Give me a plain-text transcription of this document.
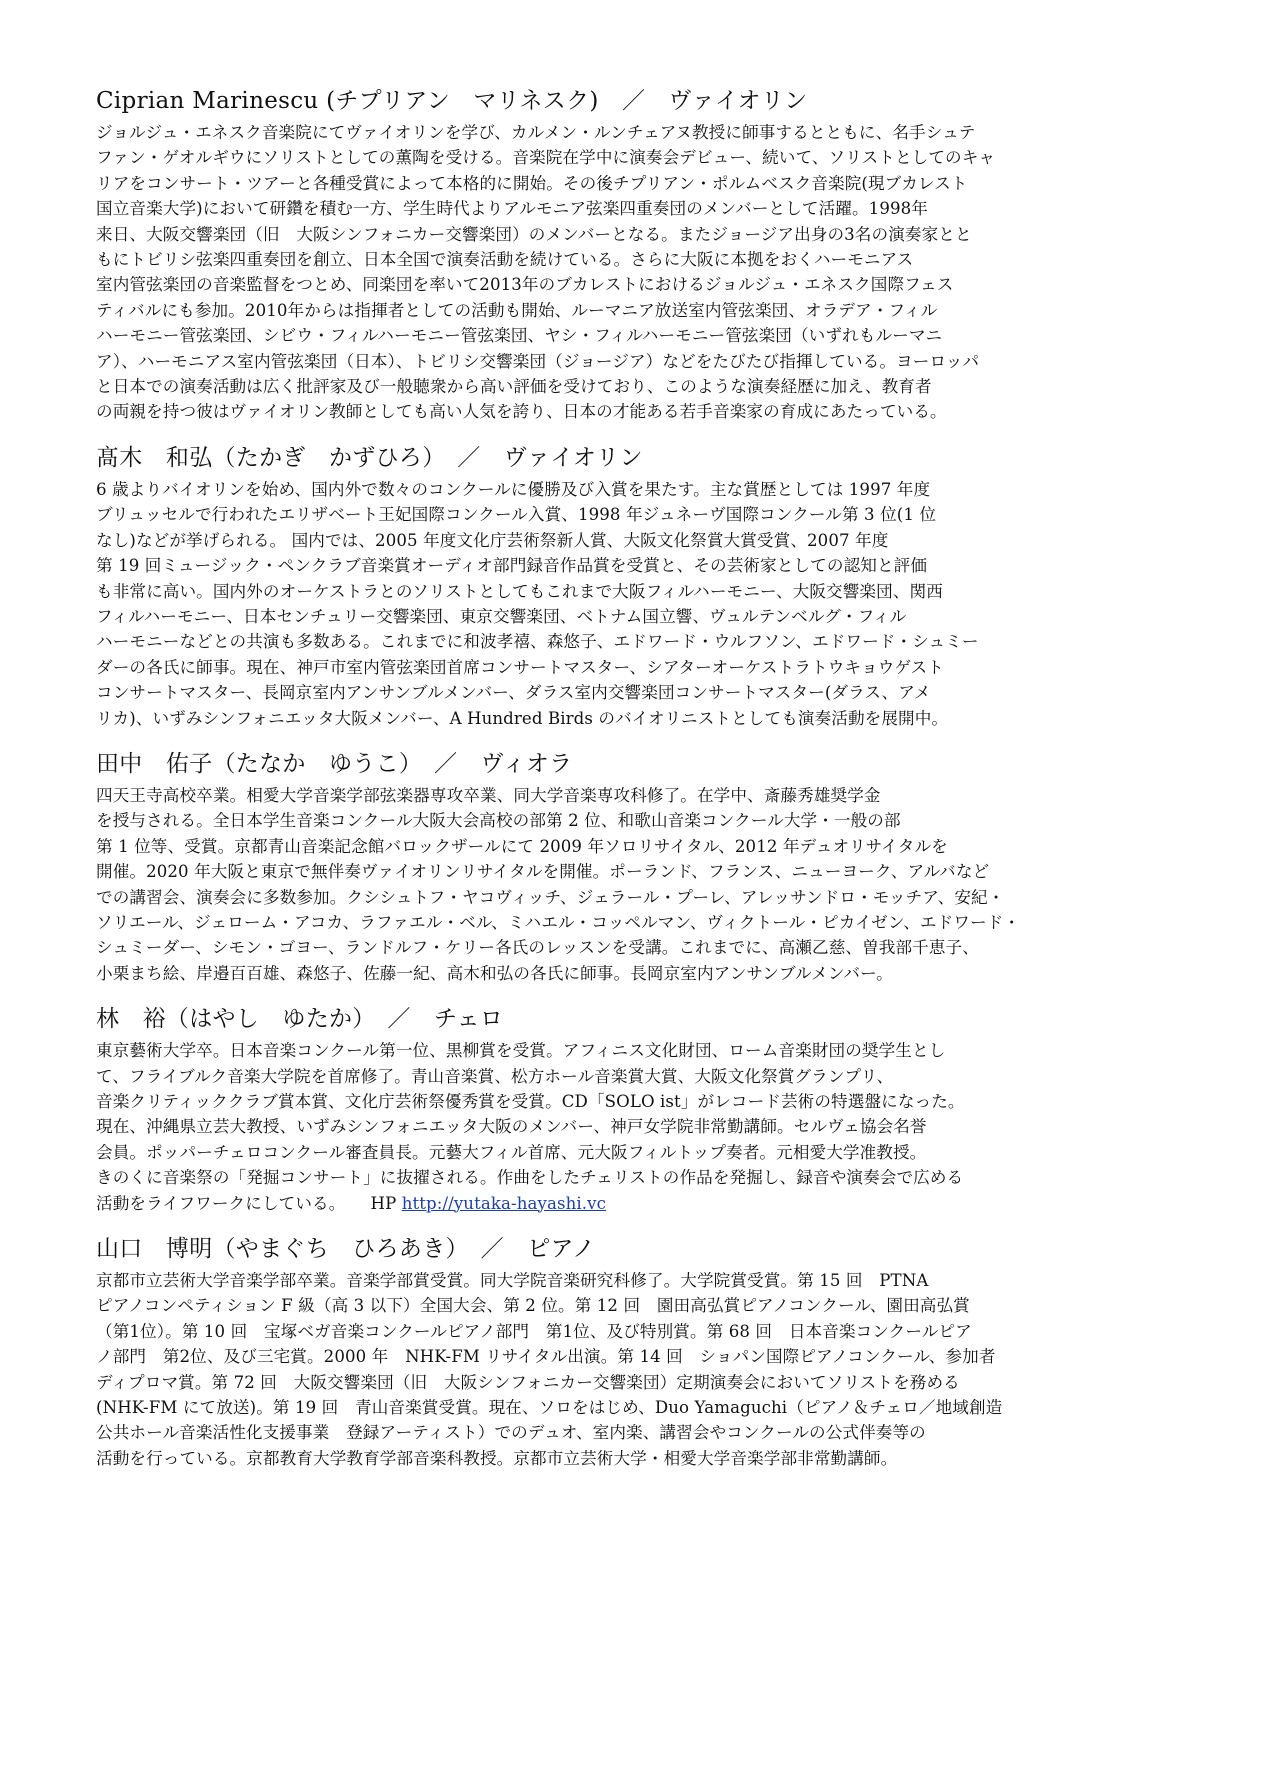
Ciprian Marinescu (チプリアン　マリネスク)　／　ヴァイオリン
ジョルジュ・エネスク音楽院にてヴァイオリンを学び、カルメン・ルンチェアヌ教授に師事するとともに、名手シュテ
ファン・ゲオルギウにソリストとしての薫陶を受ける。音楽院在学中に演奏会デビュー、続いて、ソリストとしてのキャ
リアをコンサート・ツアーと各種受賞によって本格的に開始。その後チプリアン・ポルムベスク音楽院(現ブカレスト
国立音楽大学)において研鑽を積む一方、学生時代よりアルモニア弦楽四重奏団のメンバーとして活躍。1998年
来日、大阪交響楽団（旧　大阪シンフォニカー交響楽団）のメンバーとなる。またジョージア出身の3名の演奏家とと
もにトビリシ弦楽四重奏団を創立、日本全国で演奏活動を続けている。さらに大阪に本拠をおくハーモニアス
室内管弦楽団の音楽監督をつとめ、同楽団を率いて2013年のブカレストにおけるジョルジュ・エネスク国際フェス
ティバルにも参加。2010年からは指揮者としての活動も開始、ルーマニア放送室内管弦楽団、オラデア・フィル
ハーモニー管弦楽団、シビウ・フィルハーモニー管弦楽団、ヤシ・フィルハーモニー管弦楽団（いずれもルーマニ
ア）、ハーモニアス室内管弦楽団（日本）、トビリシ交響楽団（ジョージア）などをたびたび指揮している。ヨーロッパ
と日本での演奏活動は広く批評家及び一般聴衆から高い評価を受けており、このような演奏経歴に加え、教育者
の両親を持つ彼はヴァイオリン教師としても高い人気を誇り、日本の才能ある若手音楽家の育成にあたっている。
髙木　和弘（たかぎ　かずひろ）　／　ヴァイオリン
6 歳よりバイオリンを始め、国内外で数々のコンクールに優勝及び入賞を果たす。主な賞歴としては 1997 年度
ブリュッセルで行われたエリザベート王妃国際コンクール入賞、1998 年ジュネーヴ国際コンクール第 3 位(1 位
なし)などが挙げられる。 国内では、2005 年度文化庁芸術祭新人賞、大阪文化祭賞大賞受賞、2007 年度
第 19 回ミュージック・ペンクラブ音楽賞オーディオ部門録音作品賞を受賞と、その芸術家としての認知と評価
も非常に高い。国内外のオーケストラとのソリストとしてもこれまで大阪フィルハーモニー、大阪交響楽団、関西
フィルハーモニー、日本センチュリー交響楽団、東京交響楽団、ベトナム国立響、ヴュルテンベルグ・フィル
ハーモニーなどとの共演も多数ある。これまでに和波孝禧、森悠子、エドワード・ウルフソン、エドワード・シュミー
ダーの各氏に師事。現在、神戸市室内管弦楽団首席コンサートマスター、シアターオーケストラトウキョウゲスト
コンサートマスター、長岡京室内アンサンブルメンバー、ダラス室内交響楽団コンサートマスター(ダラス、アメ
リカ)、いずみシンフォニエッタ大阪メンバー、A Hundred Birds のバイオリニストとしても演奏活動を展開中。
田中　佑子（たなか　ゆうこ）　／　ヴィオラ
四天王寺高校卒業。相愛大学音楽学部弦楽器専攻卒業、同大学音楽専攻科修了。在学中、斎藤秀雄奨学金
を授与される。全日本学生音楽コンクール大阪大会高校の部第 2 位、和歌山音楽コンクール大学・一般の部
第 1 位等、受賞。京都青山音楽記念館バロックザールにて 2009 年ソロリサイタル、2012 年デュオリサイタルを
開催。2020 年大阪と東京で無伴奏ヴァイオリンリサイタルを開催。ポーランド、フランス、ニューヨーク、アルバなど
での講習会、演奏会に多数参加。クシシュトフ・ヤコヴィッチ、ジェラール・プーレ、アレッサンドロ・モッチア、安紀・
ソリエール、ジェローム・アコカ、ラファエル・ベル、ミハエル・コッペルマン、ヴィクトール・ピカイゼン、エドワード・
シュミーダー、シモン・ゴヨー、ランドルフ・ケリー各氏のレッスンを受講。これまでに、高瀬乙慈、曽我部千恵子、
小栗まち絵、岸邉百百雄、森悠子、佐藤一紀、高木和弘の各氏に師事。長岡京室内アンサンブルメンバー。
林　裕（はやし　ゆたか）　／　チェロ
東京藝術大学卒。日本音楽コンクール第一位、黒柳賞を受賞。アフィニス文化財団、ローム音楽財団の奨学生とし
て、フライブルク音楽大学院を首席修了。青山音楽賞、松方ホール音楽賞大賞、大阪文化祭賞グランプリ、
音楽クリティッククラブ賞本賞、文化庁芸術祭優秀賞を受賞。CD「SOLO ist」がレコード芸術の特選盤になった。
現在、沖縄県立芸大教授、いずみシンフォニエッタ大阪のメンバー、神戸女学院非常勤講師。セルヴェ協会名誉
会員。ポッパーチェロコンクール審査員長。元藝大フィル首席、元大阪フィルトップ奏者。元相愛大学准教授。
きのくに音楽祭の「発掘コンサート」に抜擢される。作曲をしたチェリストの作品を発掘し、録音や演奏会で広める
活動をライフワークにしている。　　HP http://yutaka-hayashi.vc
山口　博明（やまぐち　ひろあき）　／　ピアノ
京都市立芸術大学音楽学部卒業。音楽学部賞受賞。同大学院音楽研究科修了。大学院賞受賞。第 15 回　PTNA
ピアノコンペティション F 級（高 3 以下）全国大会、第 2 位。第 12 回　園田高弘賞ピアノコンクール、園田高弘賞
（第1位）。第 10 回　宝塚ベガ音楽コンクールピアノ部門　第1位、及び特別賞。第 68 回　日本音楽コンクールピア
ノ部門　第2位、及び三宅賞。2000 年　NHK-FM リサイタル出演。第 14 回　ショパン国際ピアノコンクール、参加者
ディプロマ賞。第 72 回　大阪交響楽団（旧　大阪シンフォニカー交響楽団）定期演奏会においてソリストを務める
(NHK-FM にて放送)。第 19 回　青山音楽賞受賞。現在、ソロをはじめ、Duo Yamaguchi（ピアノ＆チェロ／地域創造
公共ホール音楽活性化支援事業　登録アーティスト）でのデュオ、室内楽、講習会やコンクールの公式伴奏等の
活動を行っている。京都教育大学教育学部音楽科教授。京都市立芸術大学・相愛大学音楽学部非常勤講師。
